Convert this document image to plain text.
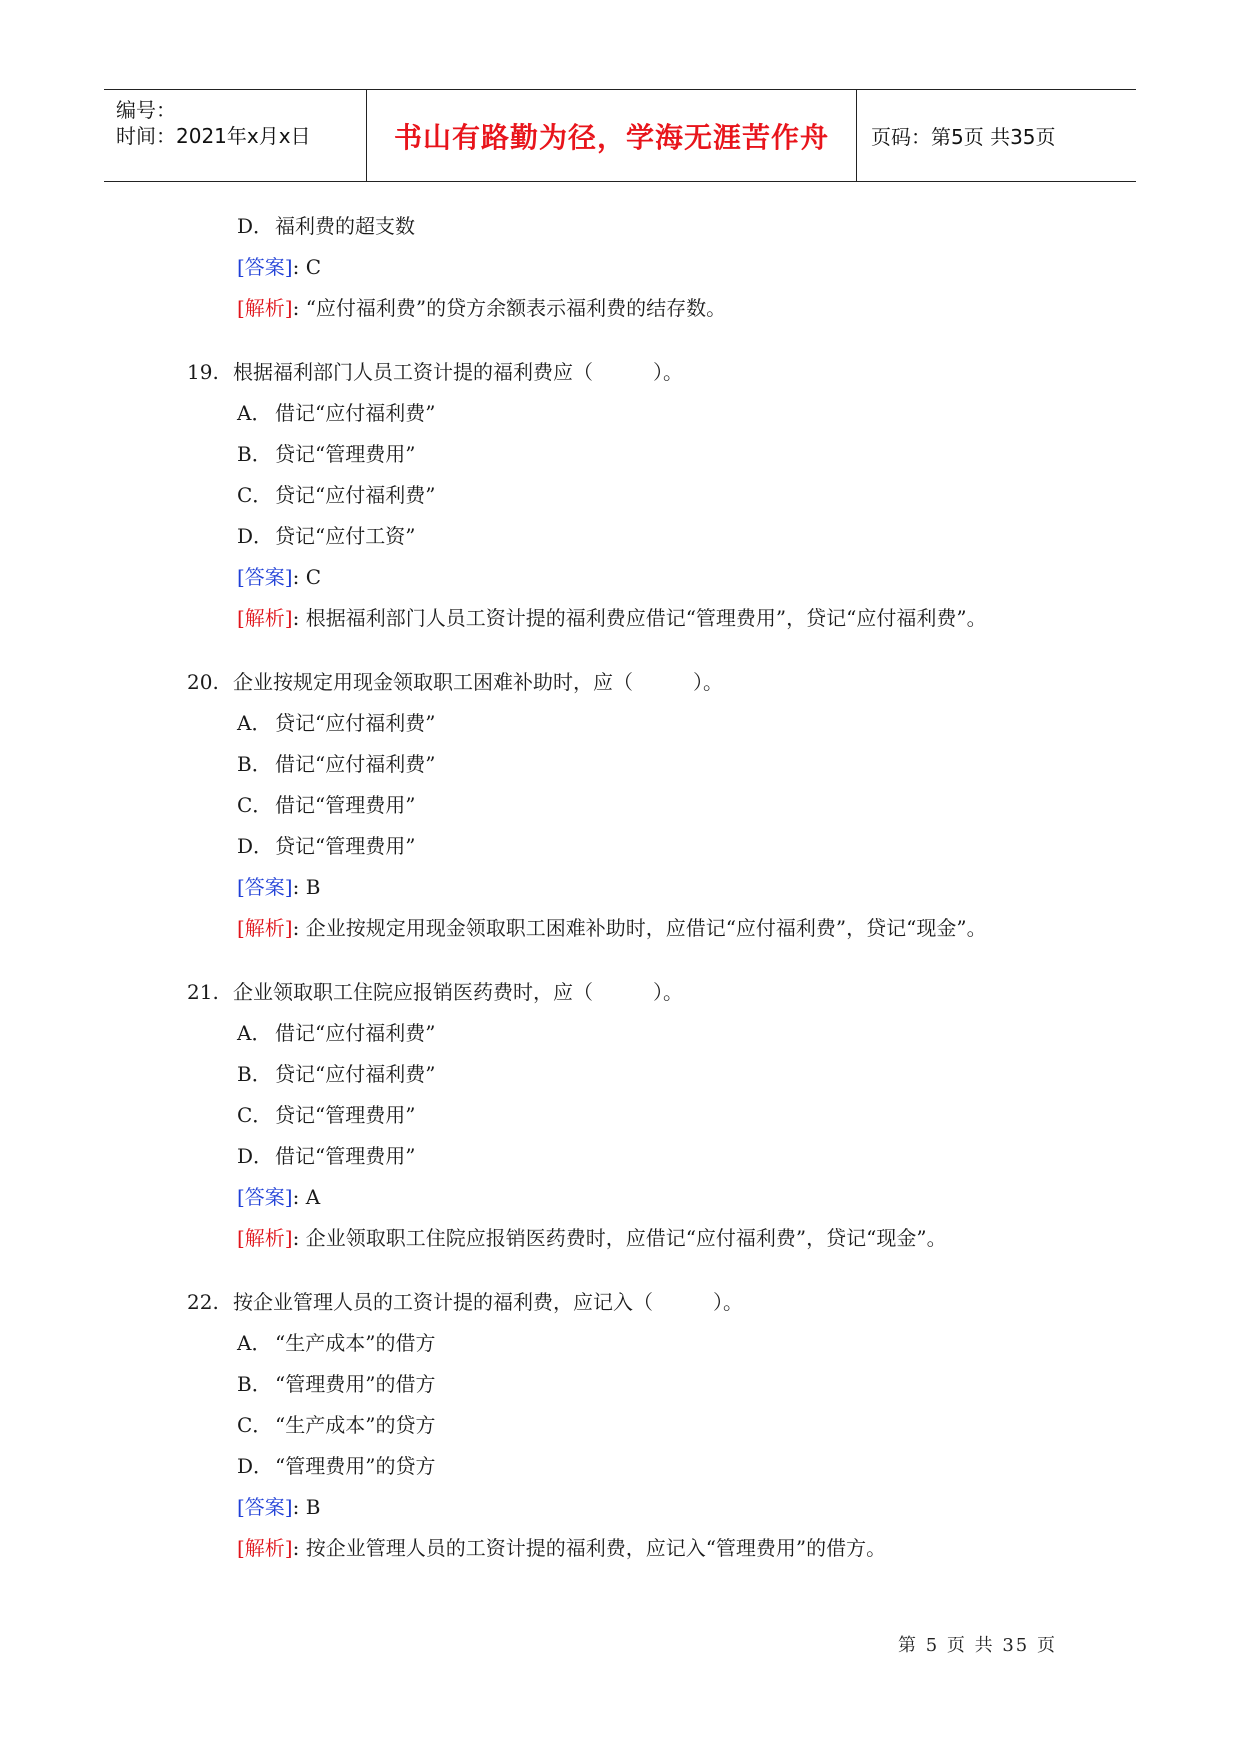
编号：
时间：2021年x月x日	书山有路勤为径，学海无涯苦作舟	页码：第5页 共35页
D．福利费的超支数
[答案]: C
[解析]: “应付福利费”的贷方余额表示福利费的结存数。
19. 根据福利部门人员工资计提的福利费应（　　　）。
A． 借记“应付福利费”
B． 贷记“管理费用”
C． 贷记“应付福利费”
D．贷记“应付工资”
[答案]: C
[解析]: 根据福利部门人员工资计提的福利费应借记“管理费用”，贷记“应付福利费”。
20. 企业按规定用现金领取职工困难补助时，应（　　　）。
A． 贷记“应付福利费”
B． 借记“应付福利费”
C． 借记“管理费用”
D．贷记“管理费用”
[答案]: B
[解析]: 企业按规定用现金领取职工困难补助时，应借记“应付福利费”，贷记“现金”。
21. 企业领取职工住院应报销医药费时，应（　　　）。
A． 借记“应付福利费”
B． 贷记“应付福利费”
C． 贷记“管理费用”
D．借记“管理费用”
[答案]: A
[解析]: 企业领取职工住院应报销医药费时，应借记“应付福利费”，贷记“现金”。
22. 按企业管理人员的工资计提的福利费，应记入（　　　）。
A． “生产成本”的借方
B． “管理费用”的借方
C． “生产成本”的贷方
D．“管理费用”的贷方
[答案]: B
[解析]: 按企业管理人员的工资计提的福利费，应记入“管理费用”的借方。
第 5 页 共 35 页
